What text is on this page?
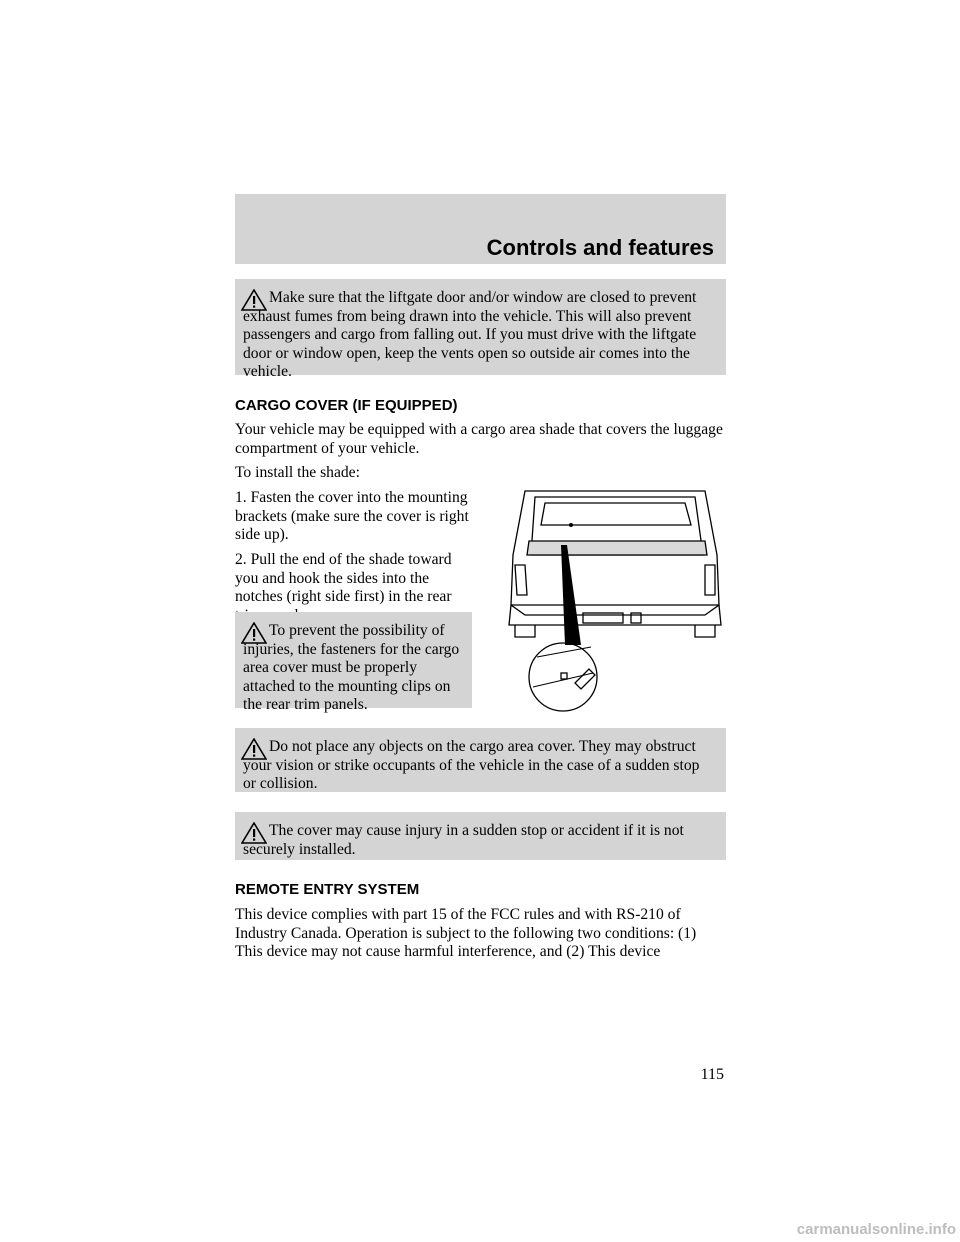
Controls and features

Make sure that the liftgate door and/or window are closed to prevent exhaust fumes from being drawn into the vehicle. This will also prevent passengers and cargo from falling out. If you must drive with the liftgate door or window open, keep the vents open so outside air comes into the vehicle.

CARGO COVER (IF EQUIPPED)

Your vehicle may be equipped with a cargo area shade that covers the luggage compartment of your vehicle.

To install the shade:

1. Fasten the cover into the mounting brackets (make sure the cover is right side up).

2. Pull the end of the shade toward you and hook the sides into the notches (right side first) in the rear

To prevent the possibility of injuries, the fasteners for the cargo area cover must be properly attached to the mounting clips on the rear trim panels.

Do not place any objects on the cargo area cover. They may obstruct your vision or strike occupants of the vehicle in the case of a sudden stop or collision.

The cover may cause injury in a sudden stop or accident if it is not securely installed.

REMOTE ENTRY SYSTEM

This device complies with part 15 of the FCC rules and with RS-210 of Industry Canada. Operation is subject to the following two conditions: (1) This device may not cause harmful interference, and (2) This device

115
carmanualsonline.info
